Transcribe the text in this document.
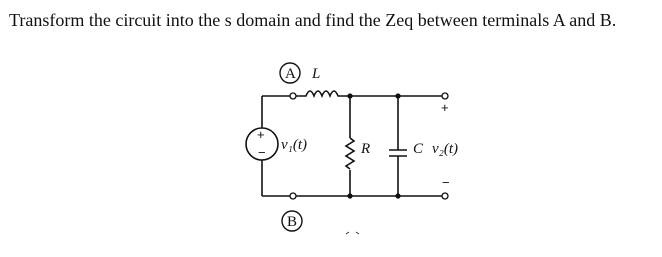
Transform the circuit into the s domain and find the Zeq between terminals A and B.
+
−
A
B
L
v₁(t)	R	C v₂(t)
+
−
